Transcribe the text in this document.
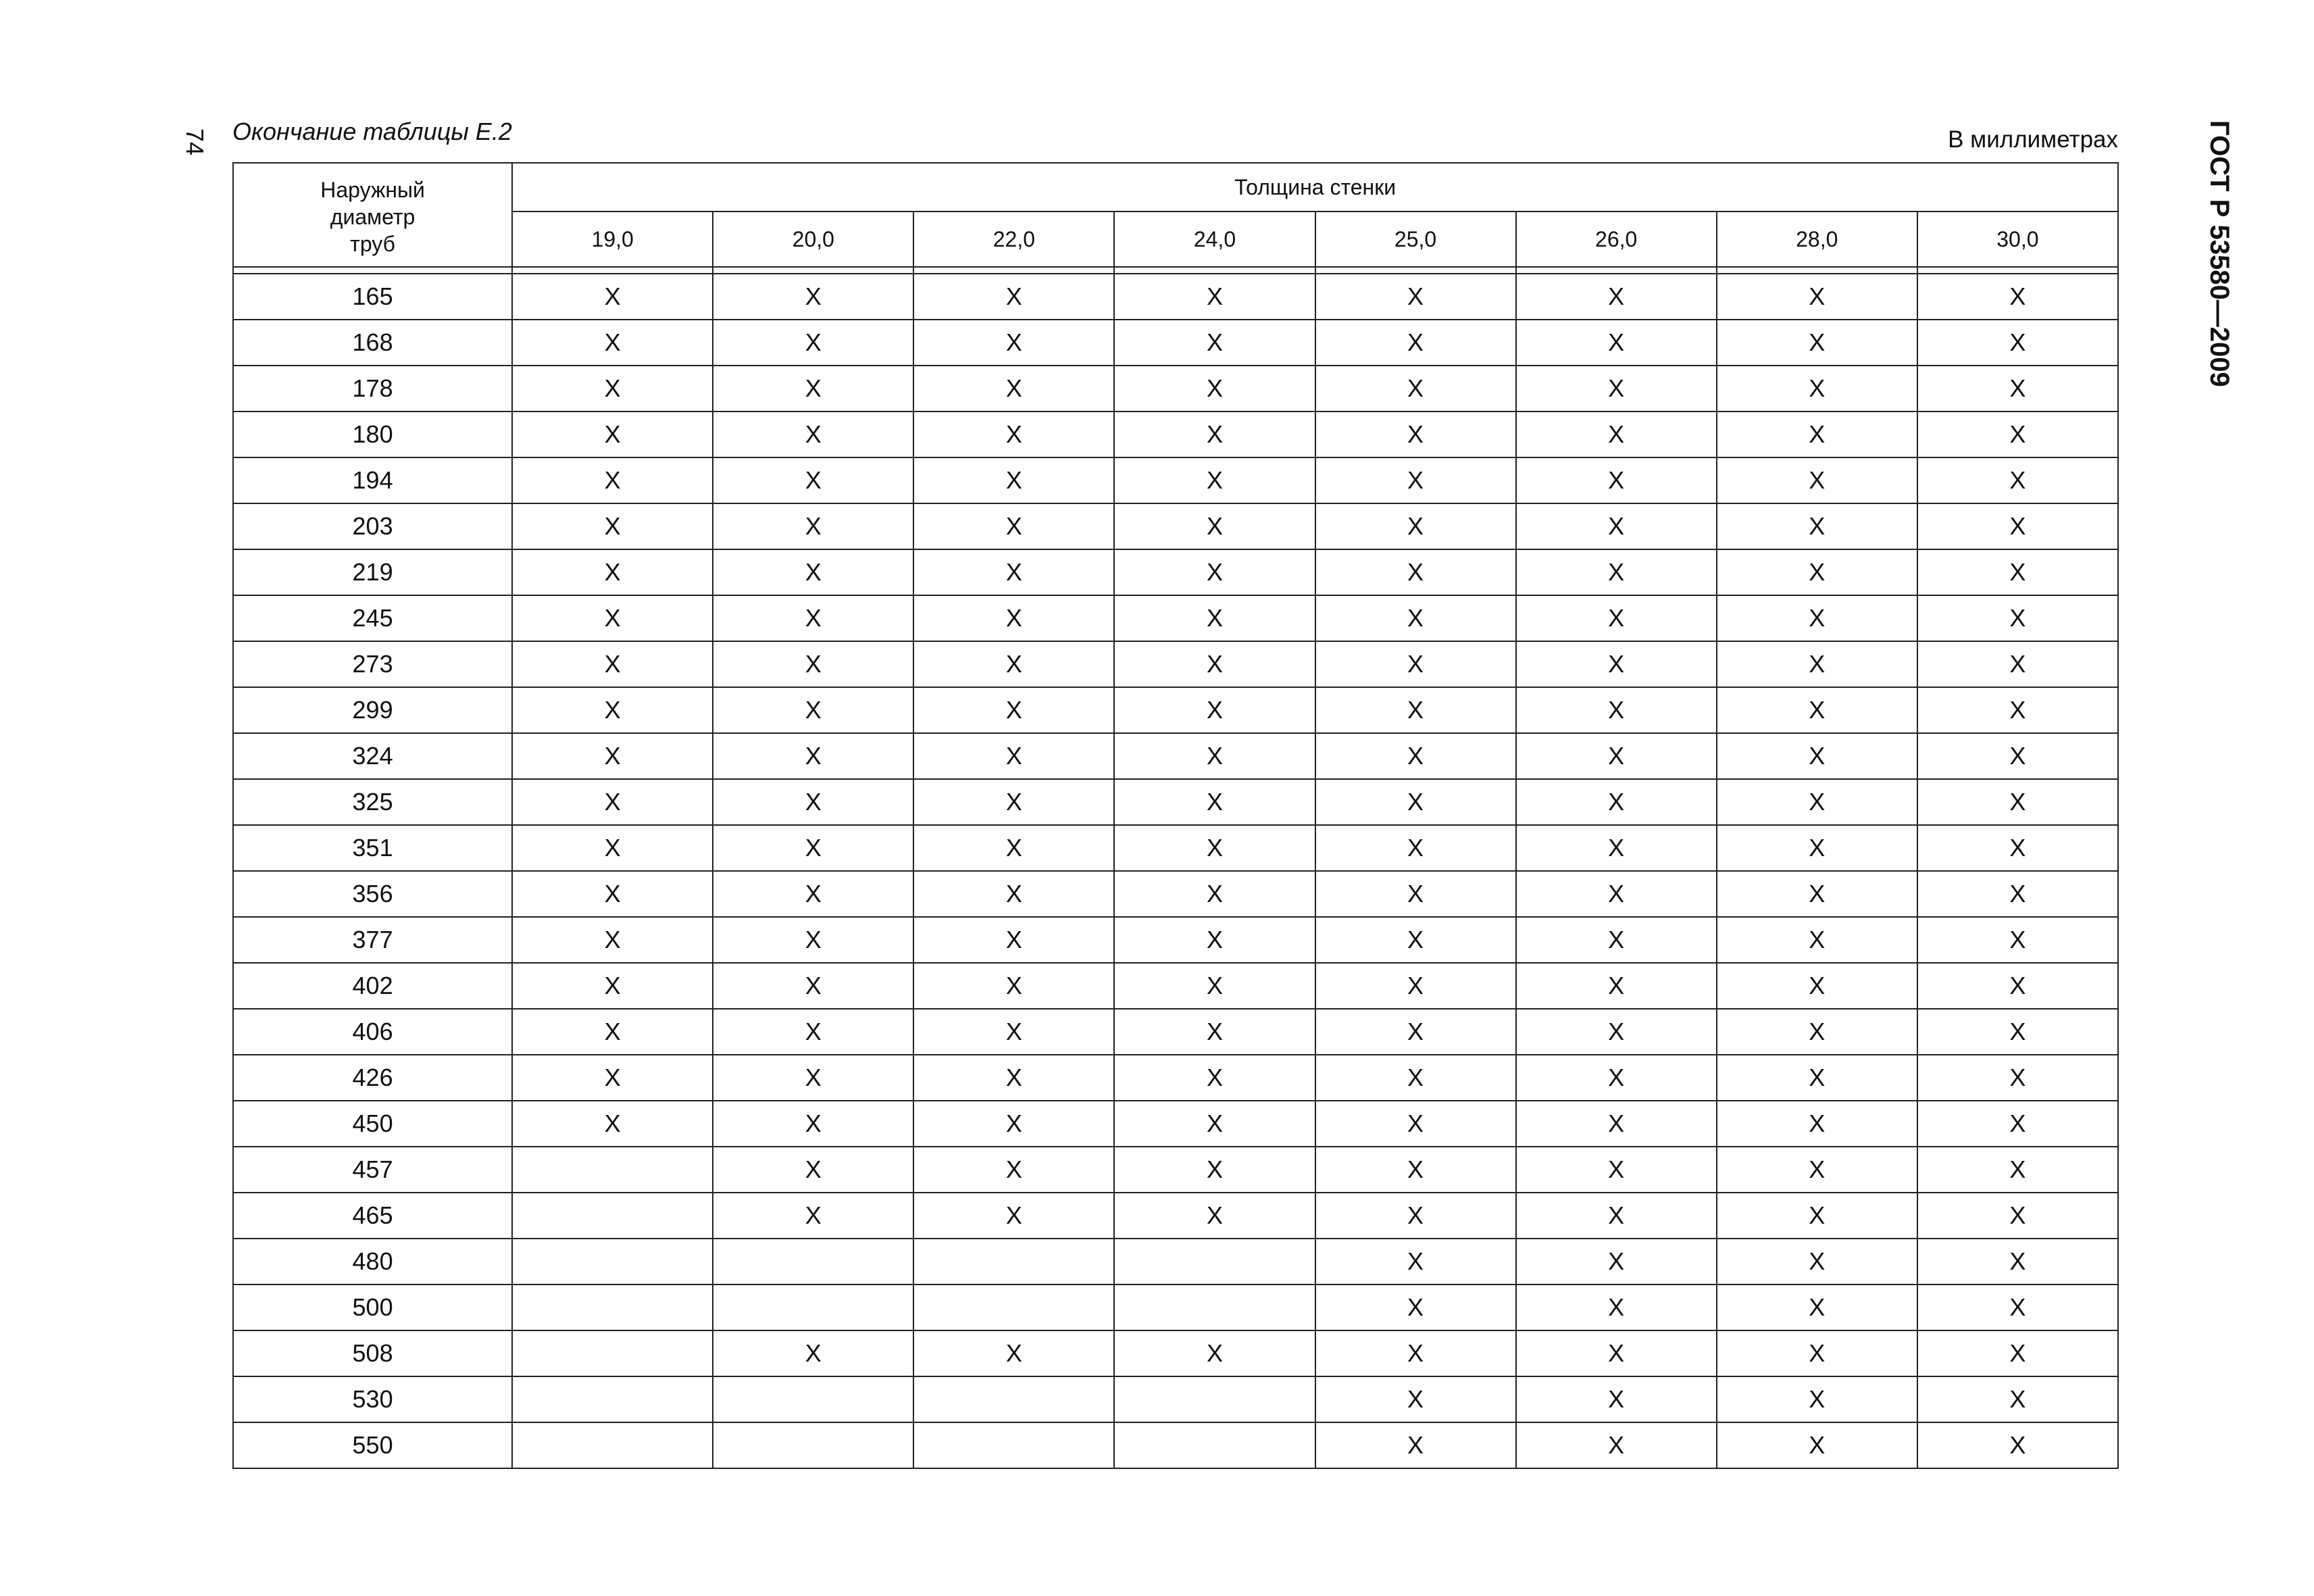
74 Окончание таблицы Е.2	В миллиметрах	ГОСТ Р 53580—2009
Наружный
диаметр
труб	Толщина стенки							
	19,0	20,0	22,0	24,0	25,0	26,0	28,0	30,0

165	X	X	X	X	X	X	X	X
168	X	X	X	X	X	X	X	X
178	X	X	X	X	X	X	X	X
180	X	X	X	X	X	X	X	X
194	X	X	X	X	X	X	X	X
203	X	X	X	X	X	X	X	X
219	X	X	X	X	X	X	X	X
245	X	X	X	X	X	X	X	X
273	X	X	X	X	X	X	X	X
299	X	X	X	X	X	X	X	X
324	X	X	X	X	X	X	X	X
325	X	X	X	X	X	X	X	X
351	X	X	X	X	X	X	X	X
356	X	X	X	X	X	X	X	X
377	X	X	X	X	X	X	X	X
402	X	X	X	X	X	X	X	X
406	X	X	X	X	X	X	X	X
426	X	X	X	X	X	X	X	X
450	X	X	X	X	X	X	X	X
457		X	X	X	X	X	X	X
465		X	X	X	X	X	X	X
480					X	X	X	X
500					X	X	X	X
508		X	X	X	X	X	X	X
530					X	X	X	X
550					X	X	X	X
